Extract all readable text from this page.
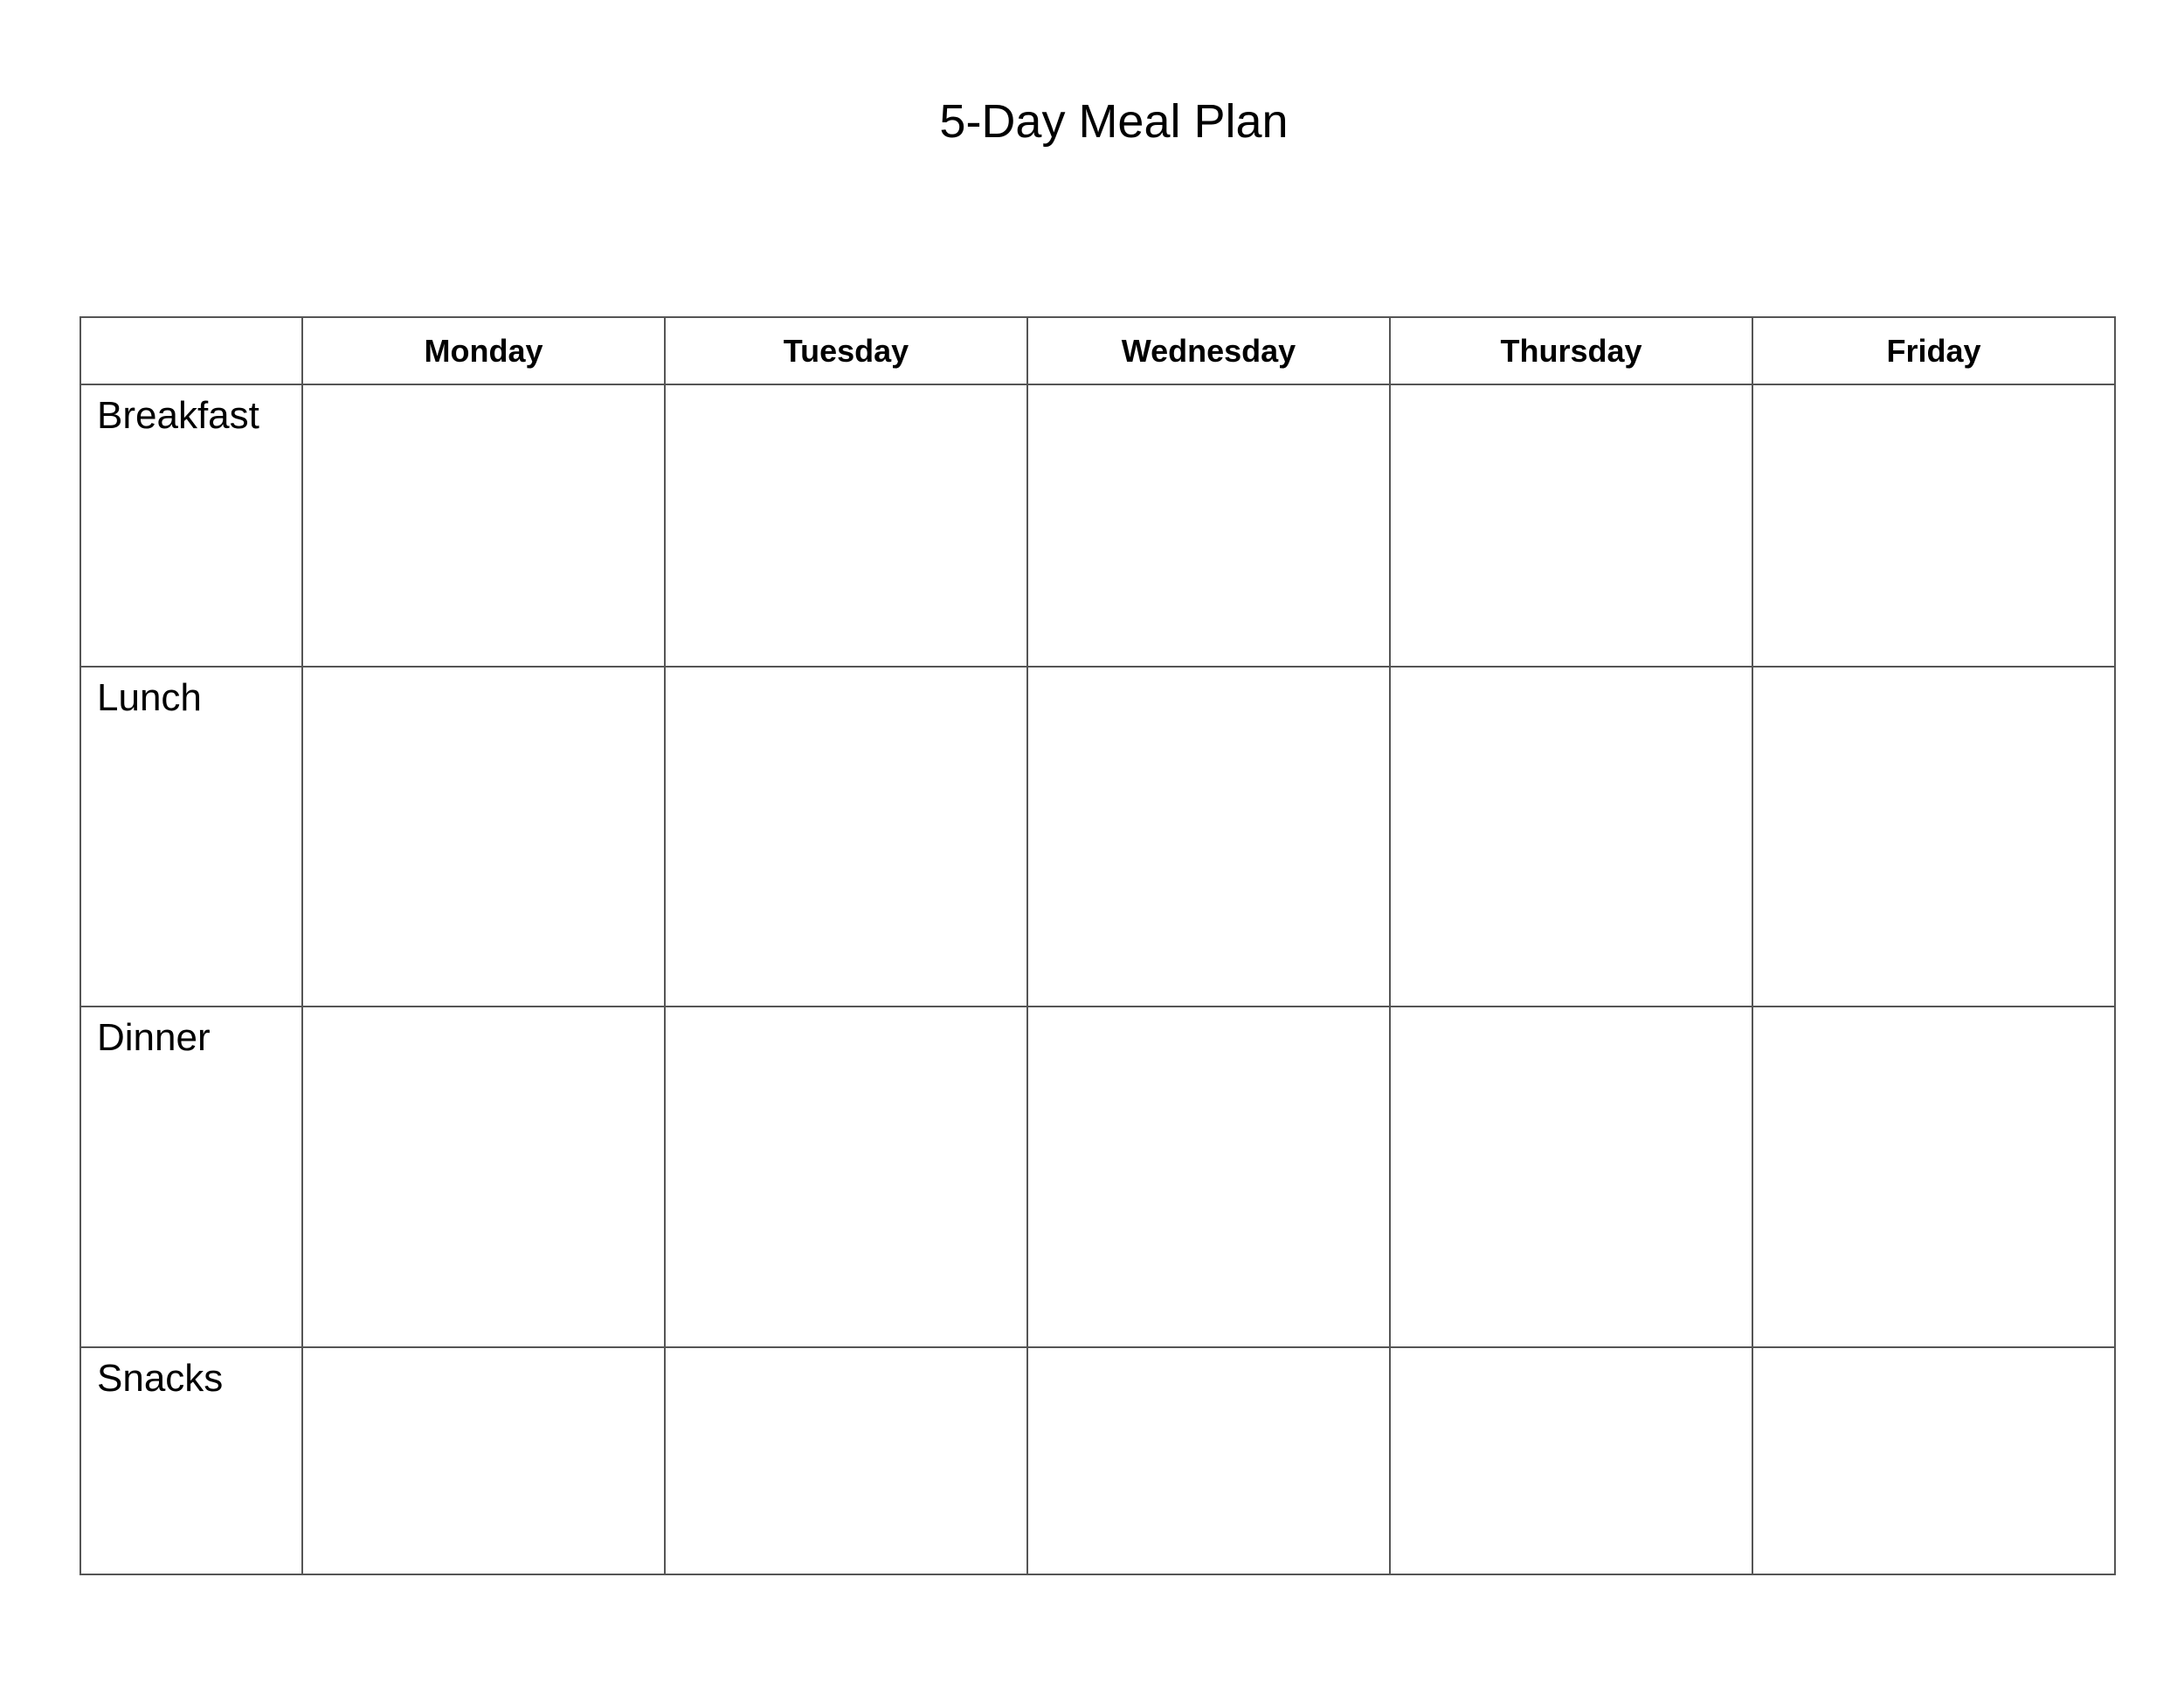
5-Day Meal Plan
	Monday	Tuesday	Wednesday	Thursday	Friday
Breakfast					
Lunch					
Dinner					
Snacks					
